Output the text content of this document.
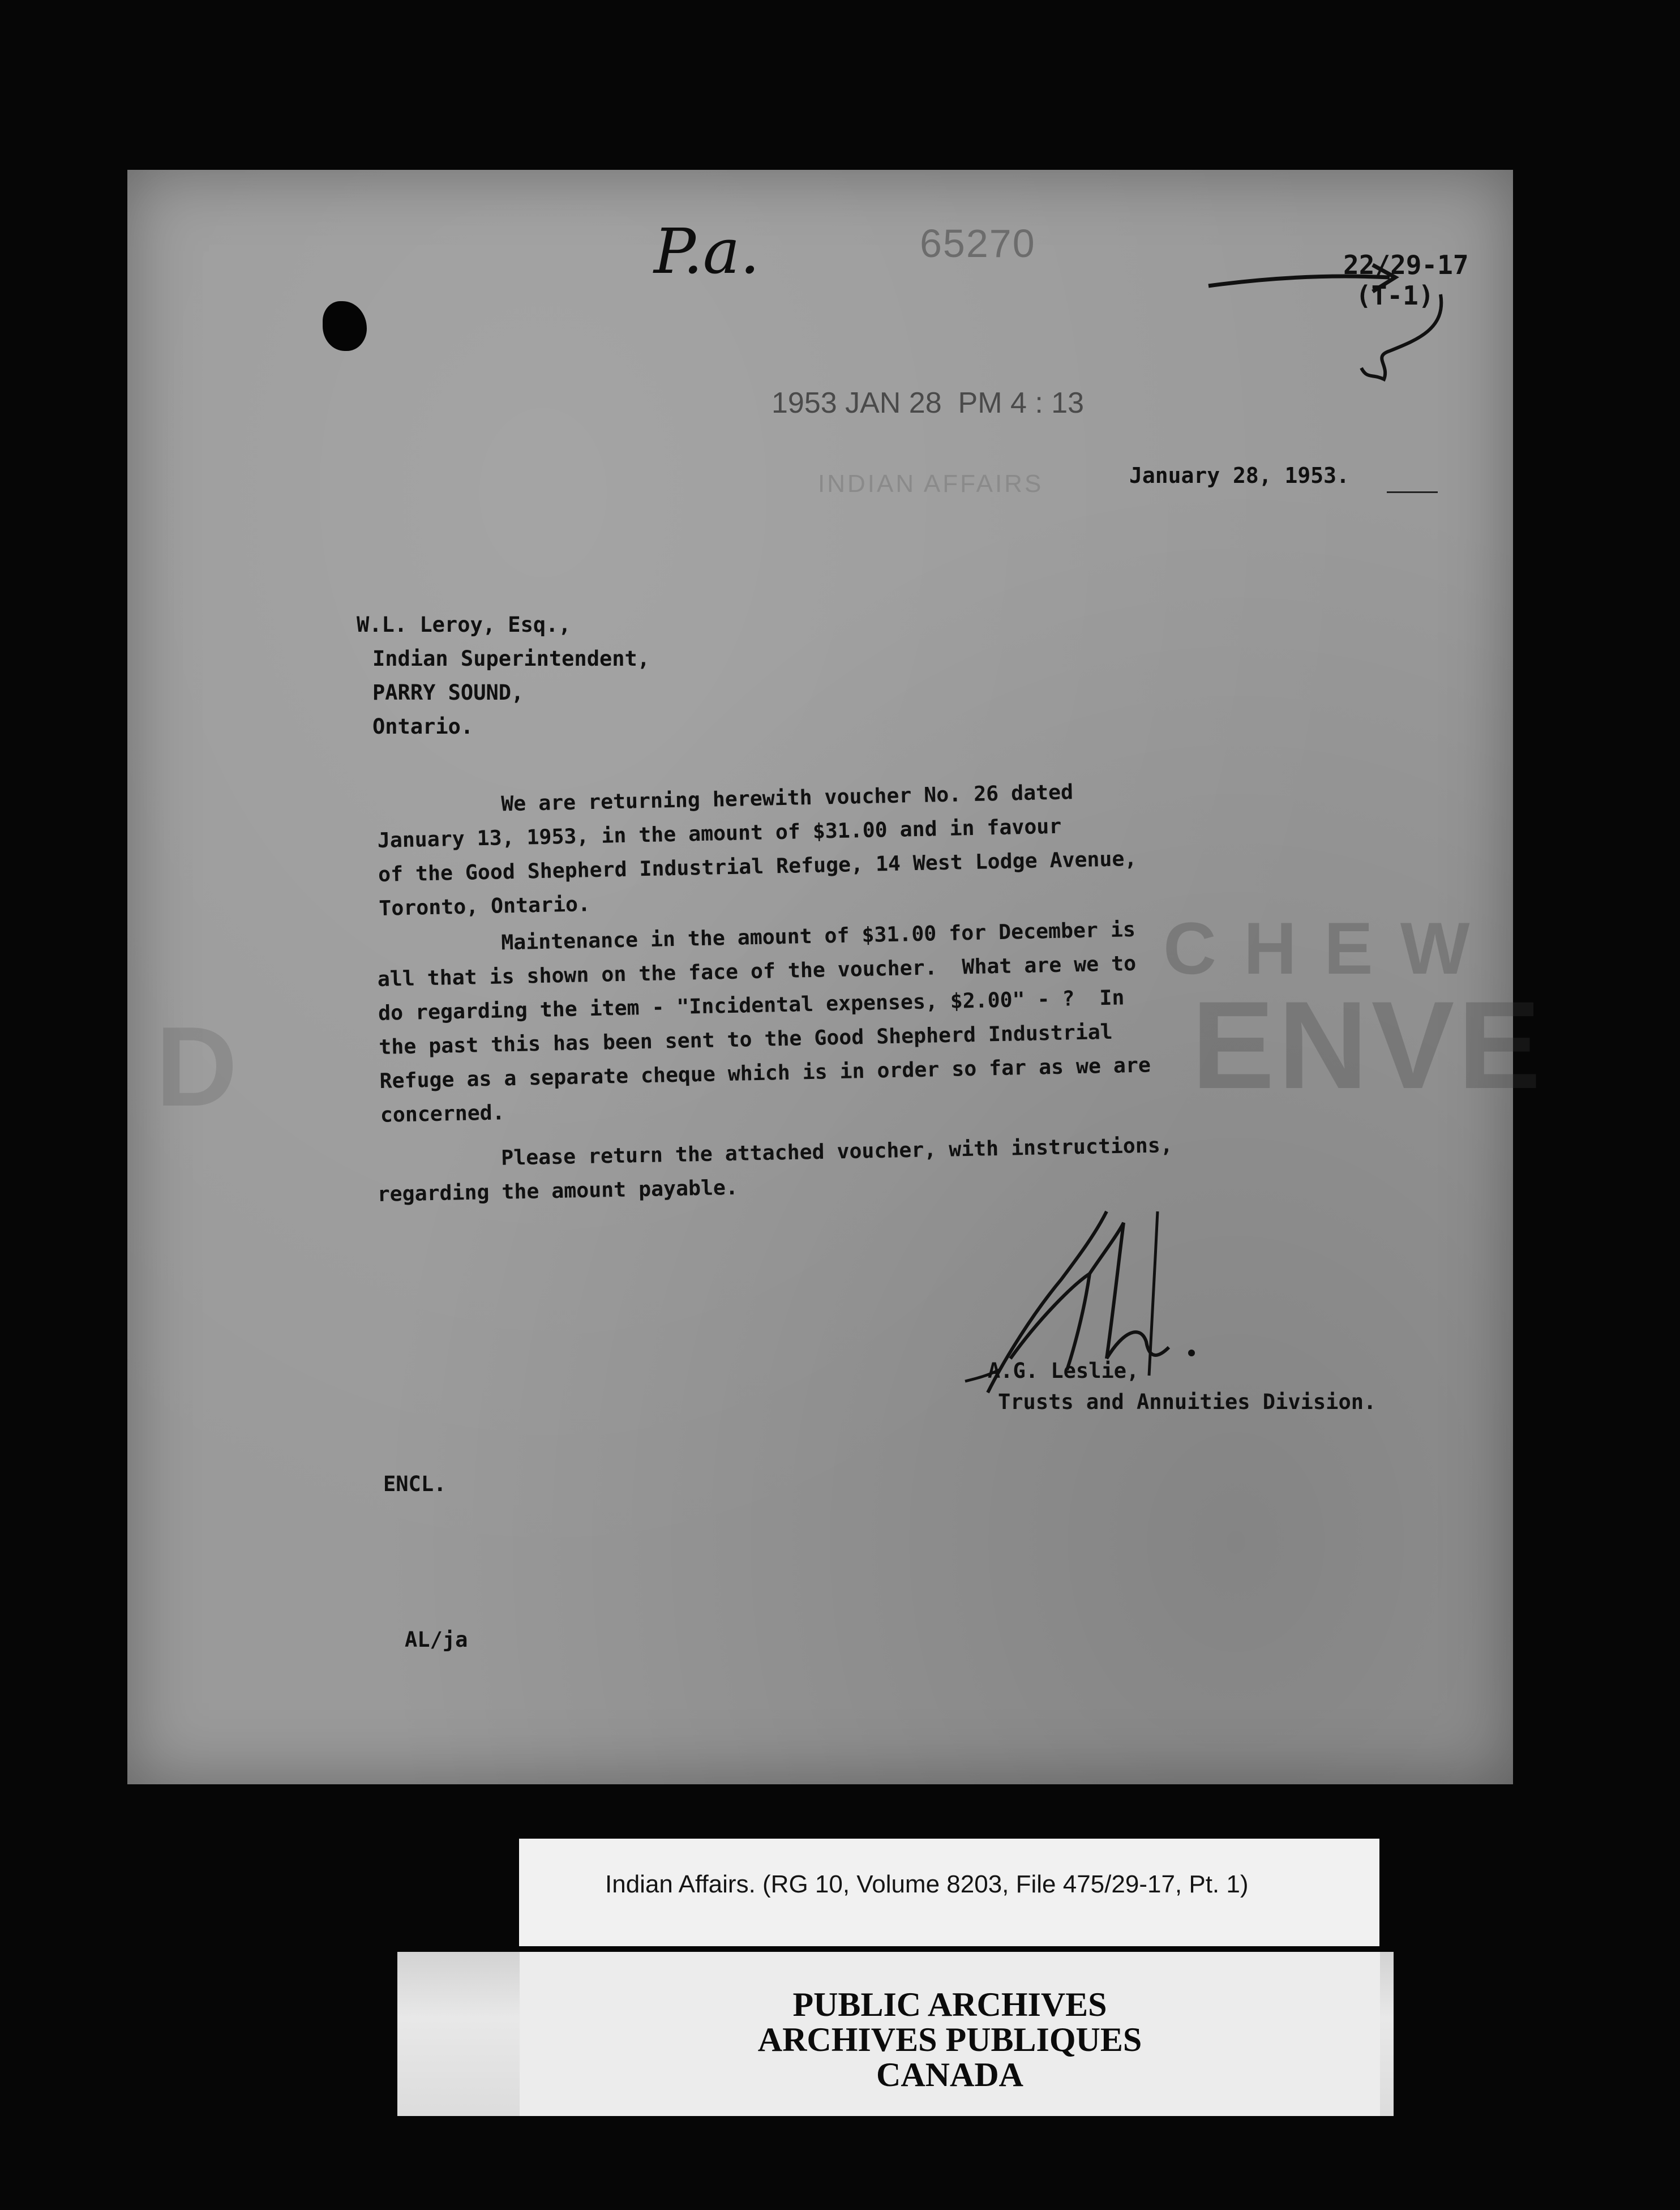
C H E W
ENVE
D
P.a.	65270	22/29-17
(T-1)
1953 JAN 28  PM 4 : 13
INDIAN AFFAIRS	January 28, 1953.
W.L. Leroy, Esq.,
Indian Superintendent,
PARRY SOUND,
Ontario.
We are returning herewith voucher No. 26 dated
January 13, 1953, in the amount of $31.00 and in favour
of the Good Shepherd Industrial Refuge, 14 West Lodge Avenue,
Toronto, Ontario.
Maintenance in the amount of $31.00 for December is
all that is shown on the face of the voucher.  What are we to
do regarding the item - "Incidental expenses, $2.00" - ?  In
the past this has been sent to the Good Shepherd Industrial
Refuge as a separate cheque which is in order so far as we are
concerned.
Please return the attached voucher, with instructions,
regarding the amount payable.
A.G. Leslie,
Trusts and Annuities Division.
ENCL.
AL/ja
Indian Affairs. (RG 10, Volume 8203, File 475/29-17, Pt. 1)
PUBLIC ARCHIVES
ARCHIVES PUBLIQUES
CANADA
